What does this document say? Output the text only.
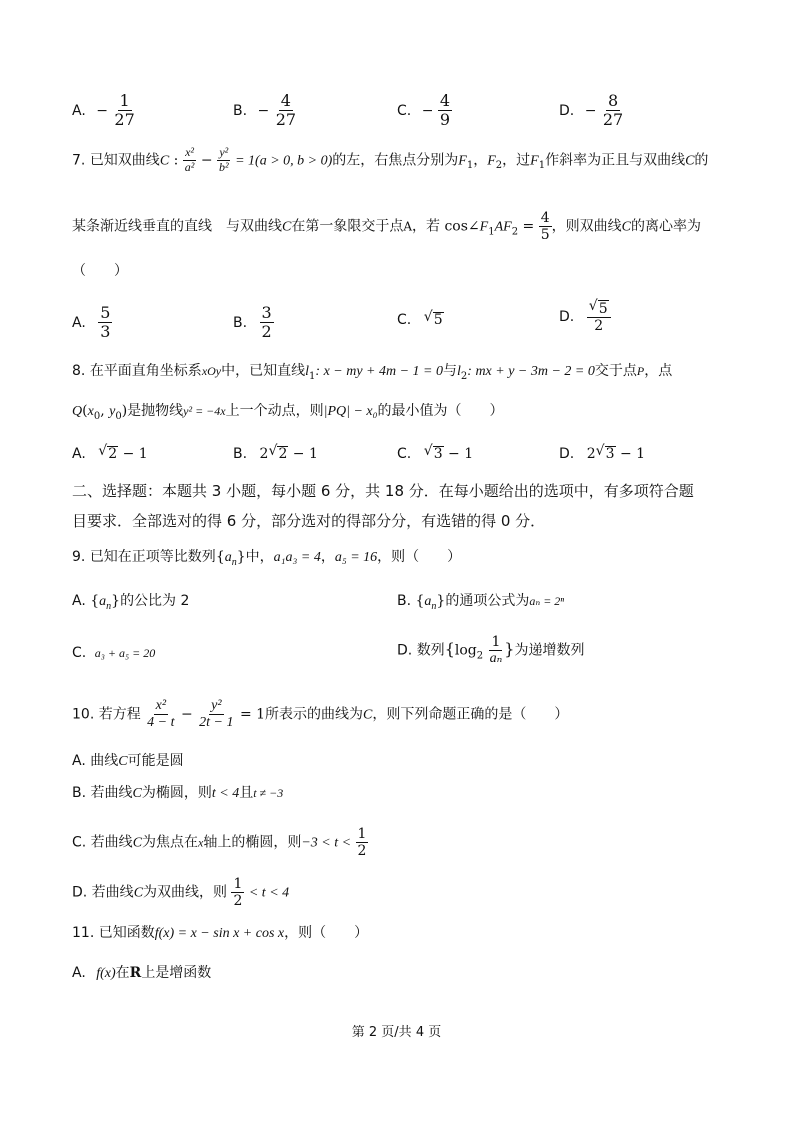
A. − $\frac{1}{27}$	B. − $\frac{4}{27}$	C. − $\frac{4}{9}$	D. − $\frac{8}{27}$
7. 已知双曲线C : $\frac{\text{x²}}{\text{a²}} - \frac{\text{y²}}{\text{b²}} = 1(a > 0$, b > 0)的左，右焦点分别为$F_1$，$F_2$，过$F_1$作斜率为正且与双曲线C的
某条渐近线垂直的直线　与双曲线C在第一象限交于点A，若 $\cos\angle F_1AF_2 = \frac{4}{5}$ ，则双曲线C的离心率为
（　　）
A. $\frac{5}{3}$	B. $\frac{3}{2}$	C. √ 5	D. √ $\frac{5}{2}$
8. 在平面直角坐标系xOy中，已知直线$l_1$: x − my + 4m − 1 = 0与$l_2$: mx + y − 3m − 2 = 0交于点P，点
$Q(x_0$, $y_0$)是抛物线y² = −4x上一个动点，则|PQ| − x₀的最小值为（　　）
A. √ 2 − 1	B. 2 √ 2 − 1	C. √ 3 − 1	D. 2 √ 3 − 1
二、选择题：本题共 3 小题，每小题 6 分，共 18 分．在每小题给出的选项中，有多项符合题
目要求．全部选对的得 6 分，部分选对的得部分分，有选错的得 0 分．
9. 已知在正项等比数列$\{a_n\}$中，a₁a₃ = 4，a₅ = 16，则（　　）
A. $\{a_n\}$的公比为 2	B. $\{a_n\}$的通项公式为aₙ = 2ⁿ
C. a₃ + a₅ = 20	D. 数列{$\log_2 \frac{1}{\text{aₙ}}$ }为递增数列
10. 若方程 $\frac{\text{x²}}{4 - t} - \frac{\text{y²}}{2t - 1} = 1$所表示的曲线为C，则下列命题正确的是（　　）
A. 曲线C可能是圆
B. 若曲线C为椭圆，则t < 4且t ≠ −3
C. 若曲线C为焦点在x轴上的椭圆，则$-3 < t < \frac{1}{2}$
D. 若曲线C为双曲线，则 $\frac{1}{2} < t < 4$
11. 已知函数f(x) = x − sin x + cos x，则（　　）
A. f(x)在R上是增函数
第 2 页/共 4 页
